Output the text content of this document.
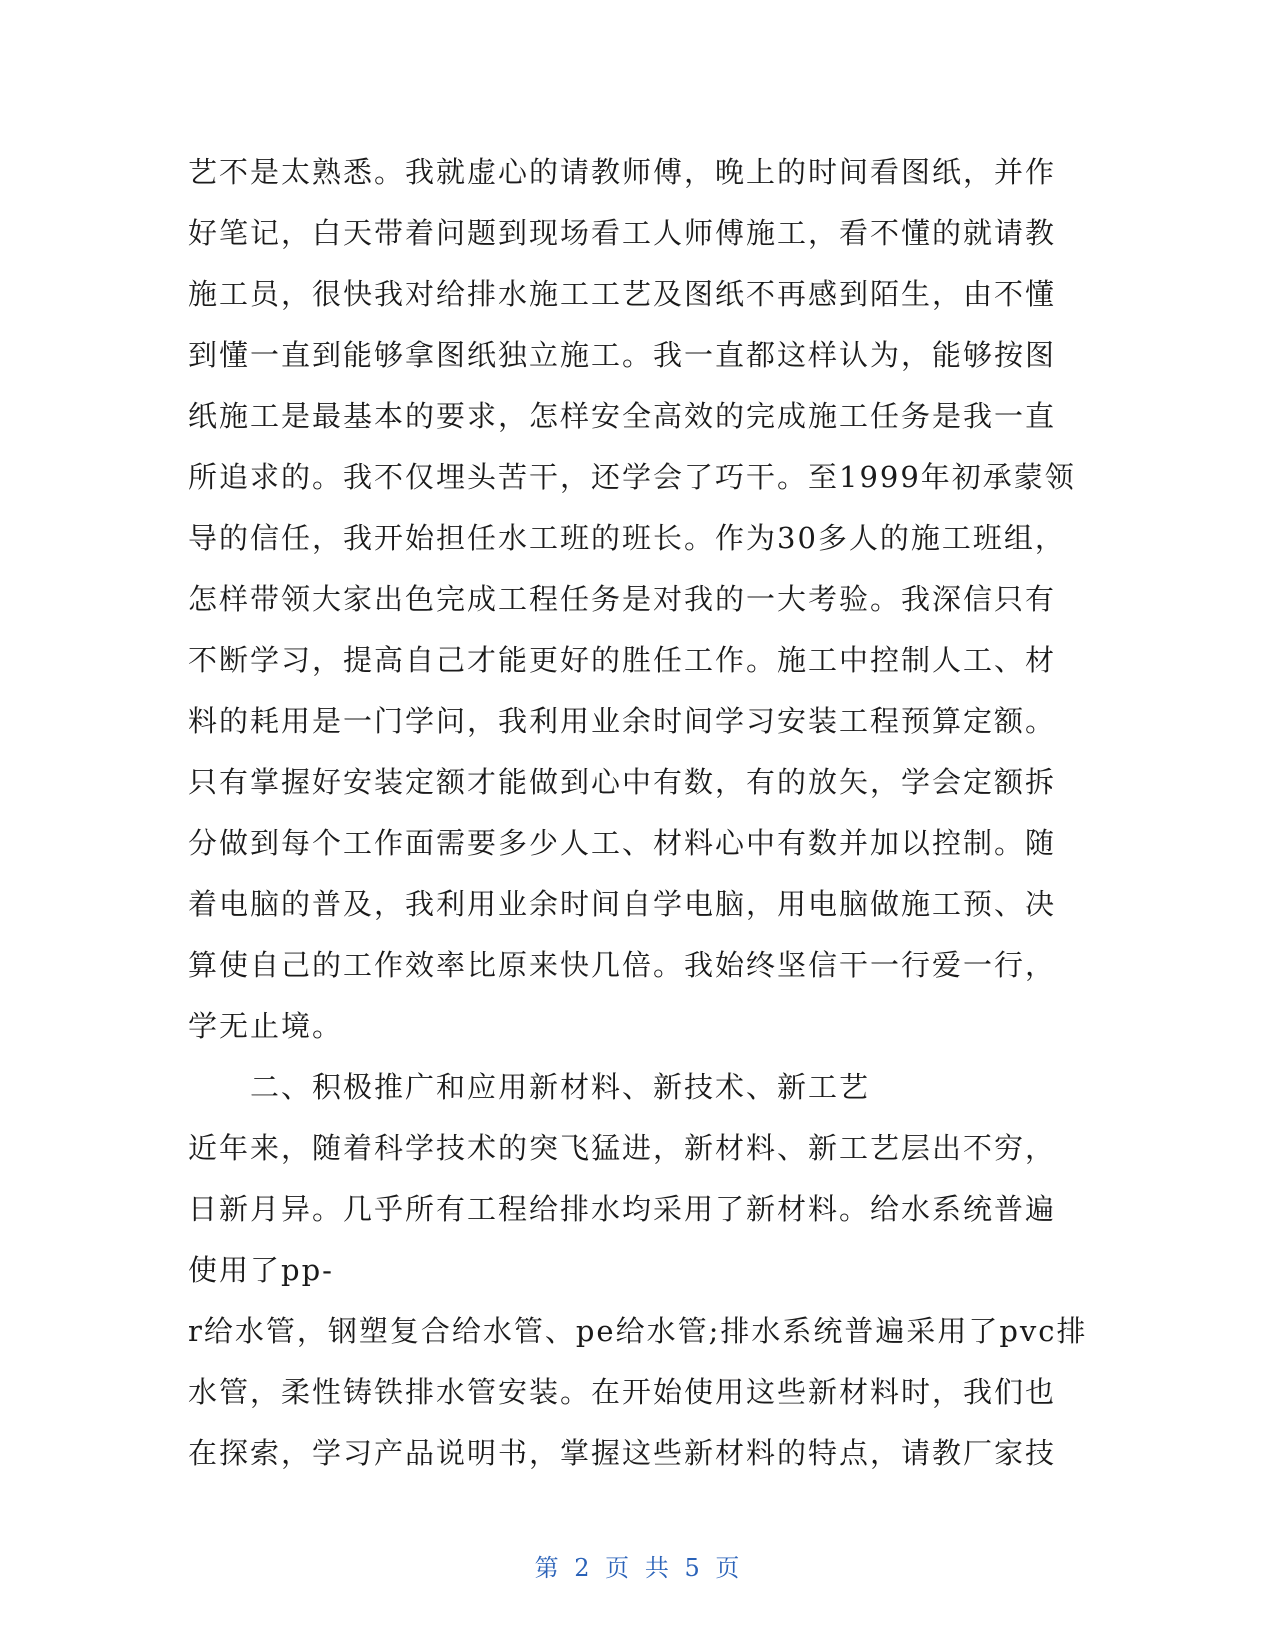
艺不是太熟悉。我就虚心的请教师傅，晚上的时间看图纸，并作
好笔记，白天带着问题到现场看工人师傅施工，看不懂的就请教
施工员，很快我对给排水施工工艺及图纸不再感到陌生，由不懂
到懂一直到能够拿图纸独立施工。我一直都这样认为，能够按图
纸施工是最基本的要求，怎样安全高效的完成施工任务是我一直
所追求的。我不仅埋头苦干，还学会了巧干。至1999年初承蒙领
导的信任，我开始担任水工班的班长。作为30多人的施工班组，
怎样带领大家出色完成工程任务是对我的一大考验。我深信只有
不断学习，提高自己才能更好的胜任工作。施工中控制人工、材
料的耗用是一门学问，我利用业余时间学习安装工程预算定额。
只有掌握好安装定额才能做到心中有数，有的放矢，学会定额拆
分做到每个工作面需要多少人工、材料心中有数并加以控制。随
着电脑的普及，我利用业余时间自学电脑，用电脑做施工预、决
算使自己的工作效率比原来快几倍。我始终坚信干一行爱一行，
学无止境。
二、积极推广和应用新材料、新技术、新工艺
近年来，随着科学技术的突飞猛进，新材料、新工艺层出不穷，
日新月异。几乎所有工程给排水均采用了新材料。给水系统普遍
使用了pp-
r给水管，钢塑复合给水管、pe给水管;排水系统普遍采用了pvc排
水管，柔性铸铁排水管安装。在开始使用这些新材料时，我们也
在探索，学习产品说明书，掌握这些新材料的特点，请教厂家技
第 2 页 共 5 页
